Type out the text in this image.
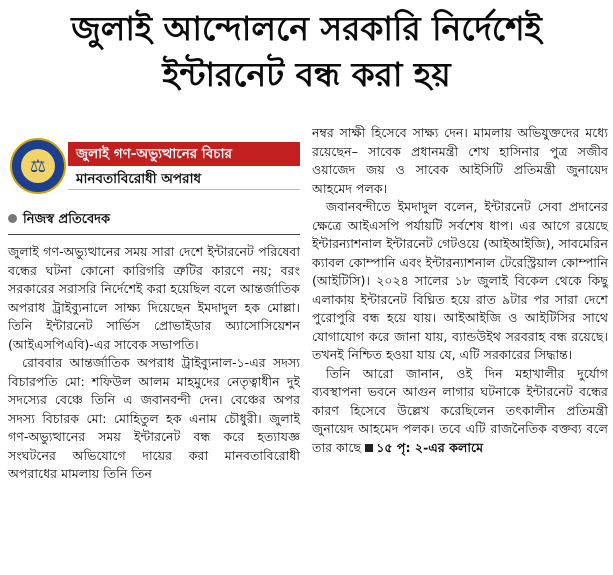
জুলাই আন্দোলনে সরকারি নির্দেশেই
ইন্টারনেট বন্ধ করা হয়
⚖
জুলাই গণ-অভ্যুত্থানের বিচার
মানবতাবিরোধী অপরাধ
নিজস্ব প্রতিবেদক

জুলাই গণ-অভ্যুত্থানের সময় সারা দেশে ইন্টারনেট পরিষেবা বন্ধের ঘটনা কোনো কারিগরি ত্রুটির কারণে নয়; বরং সরকারের সরাসরি নির্দেশেই করা হয়েছিল বলে আন্তর্জাতিক অপরাধ ট্রাইব্যুনালে সাক্ষ্য দিয়েছেন ইমদাদুল হক মোল্লা। তিনি ইন্টারনেট সার্ভিস প্রোভাইডার অ্যাসোসিয়েশন (আইএসপিএবি)-এর সাবেক সভাপতি।

রোববার আন্তর্জাতিক অপরাধ ট্রাইব্যুনাল-১-এর সদস্য বিচারপতি মো: শফিউল আলম মাহমুদের নেতৃত্বাধীন দুই সদস্যের বেঞ্চে তিনি এ জবানবন্দী দেন। বেঞ্চের অপর সদস্য বিচারক মো: মোহিতুল হক এনাম চৌধুরী। জুলাই গণ-অভ্যুত্থানের সময় ইন্টারনেট বন্ধ করে হত্যাযজ্ঞ সংঘটনের অভিযোগে দায়ের করা মানবতাবিরোধী অপরাধের মামলায় তিনি তিন

নম্বর সাক্ষী হিসেবে সাক্ষ্য দেন। মামলায় অভিযুক্তদের মধ্যে রয়েছেন– সাবেক প্রধানমন্ত্রী শেখ হাসিনার পুত্র সজীব ওয়াজেদ জয় ও সাবেক আইসিটি প্রতিমন্ত্রী জুনায়েদ আহমেদ পলক।

জবানবন্দীতে ইমদাদুল বলেন, ইন্টারনেট সেবা প্রদানের ক্ষেত্রে আইএসপি পর্যায়টি সর্বশেষ ধাপ। এর আগে রয়েছে ইন্টারন্যাশনাল ইন্টারনেট গেটওয়ে (আইআইজি), সাবমেরিন ক্যাবল কোম্পানি এবং ইন্টারন্যাশনাল টেরেস্ট্রিয়াল কোম্পানি (আইটিসি)। ২০২৪ সালের ১৮ জুলাই বিকেল থেকে কিছু এলাকায় ইন্টারনেট বিঘ্নিত হয়ে রাত ৯টার পর সারা দেশে পুরোপুরি বন্ধ হয়ে যায়। আইআইজি ও আইটিসির সাথে যোগাযোগ করে জানা যায়, ব্যান্ডউইথ সরবরাহ বন্ধ রয়েছে। তখনই নিশ্চিত হওয়া যায় যে, এটি সরকারের সিদ্ধান্ত।

তিনি আরো জানান, ওই দিন মহাখালীর দুর্যোগ ব্যবস্থাপনা ভবনে আগুন লাগার ঘটনাকে ইন্টারনেট বন্ধের কারণ হিসেবে উল্লেখ করেছিলেন তৎকালীন প্রতিমন্ত্রী জুনায়েদ আহমেদ পলক। তবে এটি রাজনৈতিক বক্তব্য বলে তার কাছে ১৫ পৃ: ২-এর কলামে
